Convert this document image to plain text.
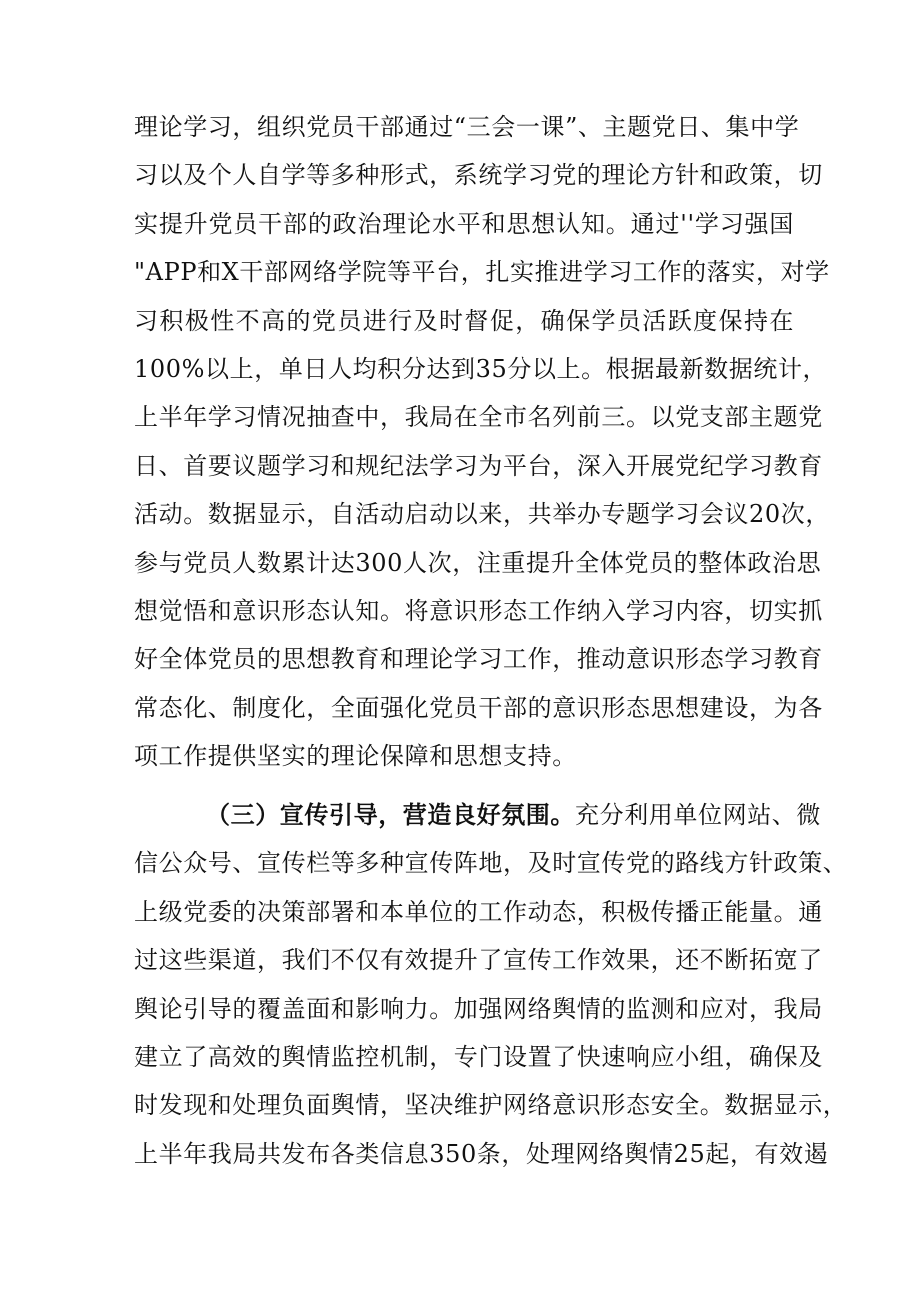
理论学习，组织党员干部通过“三会一课”、主题党日、集中学
习以及个人自学等多种形式，系统学习党的理论方针和政策，切
实提升党员干部的政治理论水平和思想认知。通过''学习强国
"APP和X干部网络学院等平台，扎实推进学习工作的落实，对学
习积极性不高的党员进行及时督促，确保学员活跃度保持在
100%以上，单日人均积分达到35分以上。根据最新数据统计，
上半年学习情况抽查中，我局在全市名列前三。以党支部主题党
日、首要议题学习和规纪法学习为平台，深入开展党纪学习教育
活动。数据显示，自活动启动以来，共举办专题学习会议20次，
参与党员人数累计达300人次，注重提升全体党员的整体政治思
想觉悟和意识形态认知。将意识形态工作纳入学习内容，切实抓
好全体党员的思想教育和理论学习工作，推动意识形态学习教育
常态化、制度化，全面强化党员干部的意识形态思想建设，为各
项工作提供坚实的理论保障和思想支持。
（三）宣传引导，营造良好氛围。充分利用单位网站、微
信公众号、宣传栏等多种宣传阵地，及时宣传党的路线方针政策、
上级党委的决策部署和本单位的工作动态，积极传播正能量。通
过这些渠道，我们不仅有效提升了宣传工作效果，还不断拓宽了
舆论引导的覆盖面和影响力。加强网络舆情的监测和应对，我局
建立了高效的舆情监控机制，专门设置了快速响应小组，确保及
时发现和处理负面舆情，坚决维护网络意识形态安全。数据显示，
上半年我局共发布各类信息350条，处理网络舆情25起，有效遏
